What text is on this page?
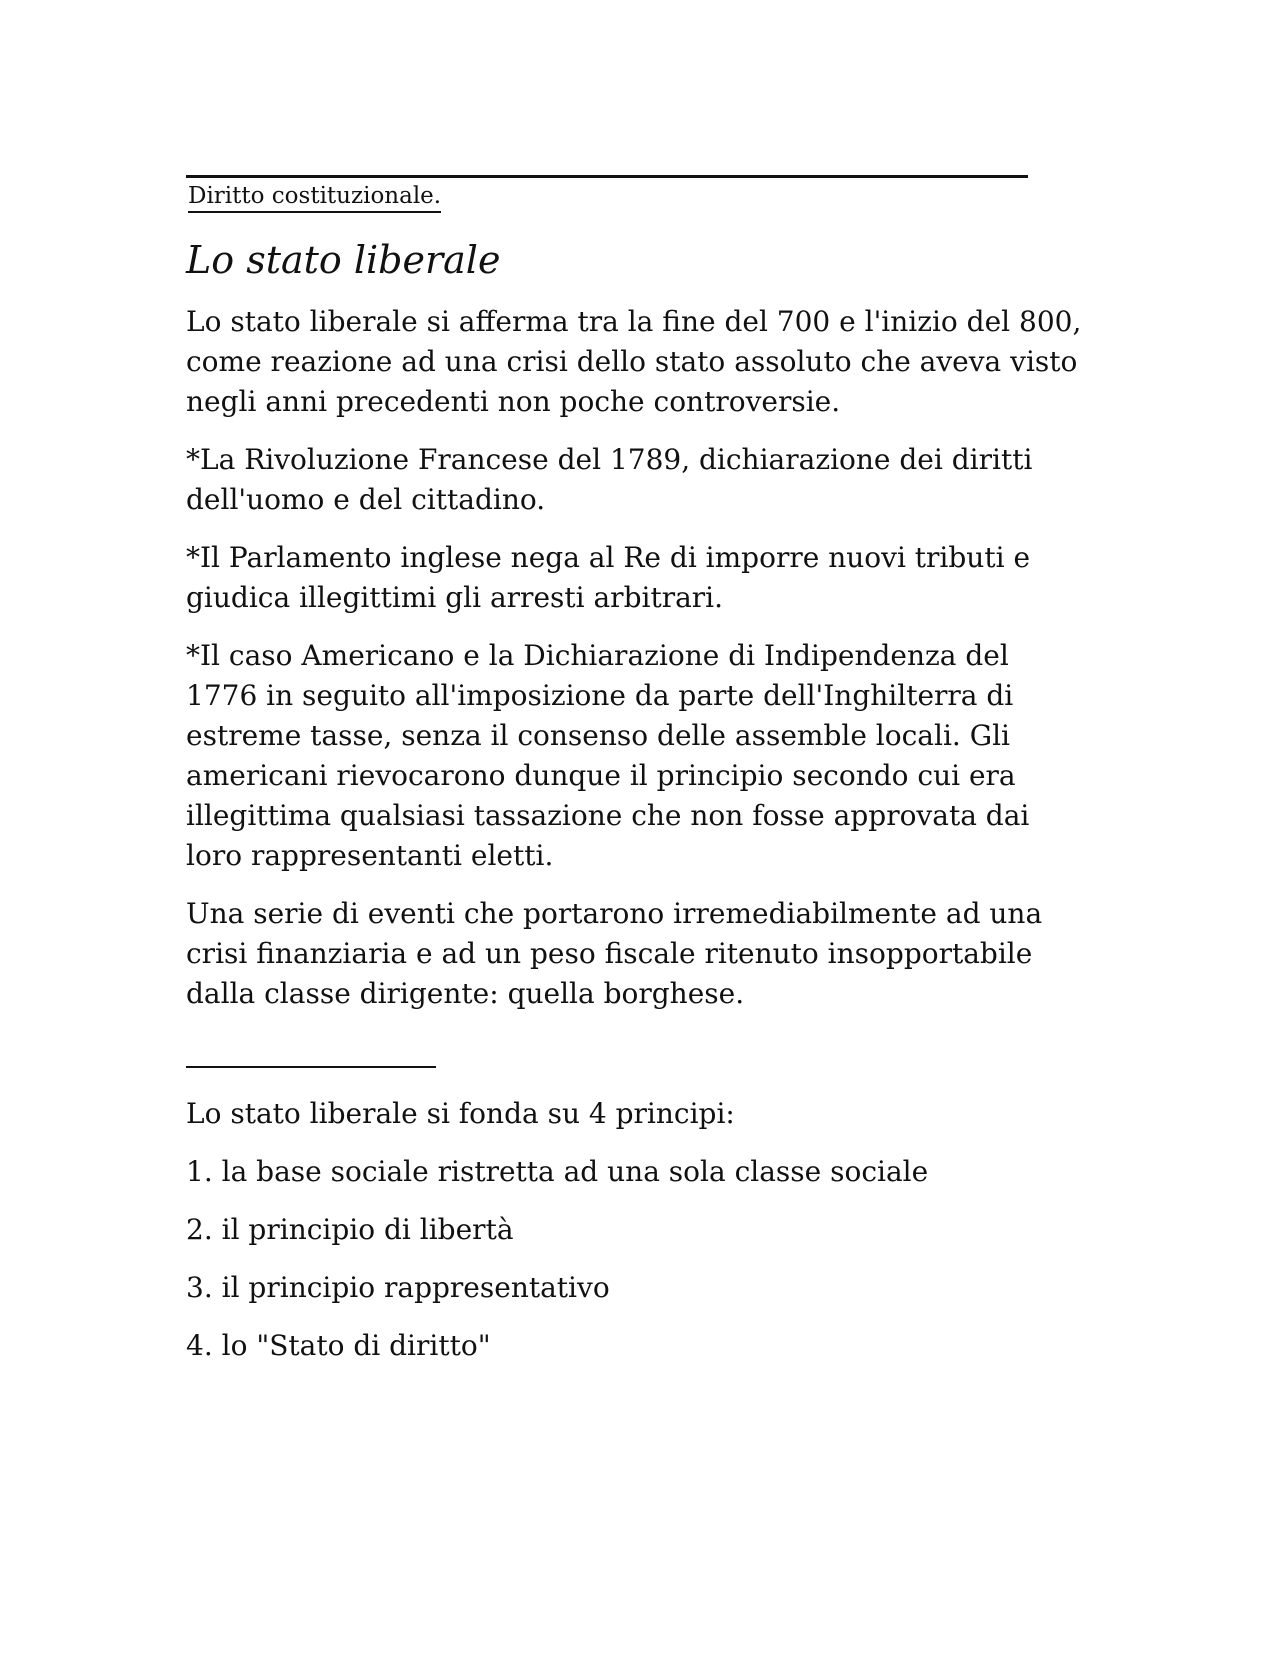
Diritto costituzionale.
Lo stato liberale

Lo stato liberale si afferma tra la fine del 700 e l'inizio del 800, come reazione ad una crisi dello stato assoluto che aveva visto negli anni precedenti non poche controversie.

*La Rivoluzione Francese del 1789, dichiarazione dei diritti dell'uomo e del cittadino.

*Il Parlamento inglese nega al Re di imporre nuovi tributi e giudica illegittimi gli arresti arbitrari.

*Il caso Americano e la Dichiarazione di Indipendenza del 1776 in seguito all'imposizione da parte dell'Inghilterra di estreme tasse, senza il consenso delle assemble locali. Gli americani rievocarono dunque il principio secondo cui era illegittima qualsiasi tassazione che non fosse approvata dai loro rappresentanti eletti.

Una serie di eventi che portarono irremediabilmente ad una crisi finanziaria e ad un peso fiscale ritenuto insopportabile dalla classe dirigente: quella borghese.

Lo stato liberale si fonda su 4 principi:

1. la base sociale ristretta ad una sola classe sociale

2. il principio di libertà

3. il principio rappresentativo

4. lo "Stato di diritto"
